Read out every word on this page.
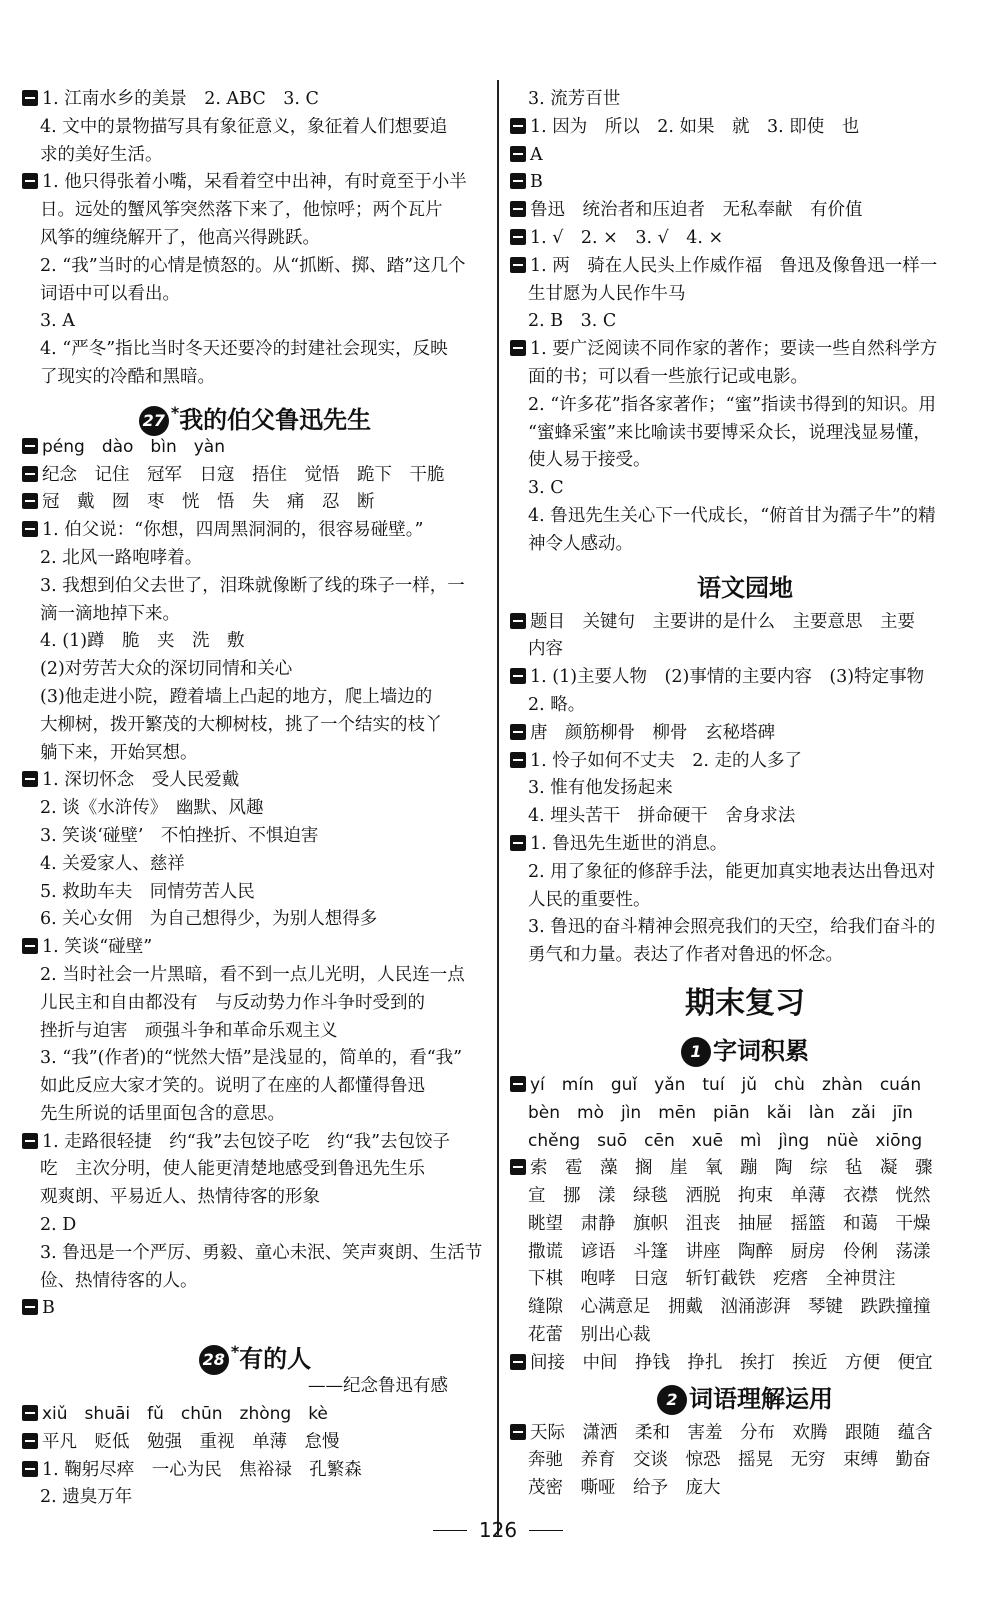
1. 江南水乡的美景　2. ABC　3. C
4. 文中的景物描写具有象征意义，象征着人们想要追
求的美好生活。
1. 他只得张着小嘴，呆看着空中出神，有时竟至于小半
日。远处的蟹风筝突然落下来了，他惊呼；两个瓦片
风筝的缠绕解开了，他高兴得跳跃。
2. “我”当时的心情是愤怒的。从“抓断、掷、踏”这几个
词语中可以看出。
3. A
4. “严冬”指比当时冬天还要冷的封建社会现实，反映
了现实的冷酷和黑暗。
27 *我的伯父鲁迅先生
péng　dào　bìn　yàn
纪念　记住　冠军　日寇　捂住　觉悟　跪下　干脆
冠　戴　囫　枣　恍　悟　失　痛　忍　断
1. 伯父说：“你想，四周黑洞洞的，很容易碰壁。”
2. 北风一路咆哮着。
3. 我想到伯父去世了，泪珠就像断了线的珠子一样，一
滴一滴地掉下来。
4. (1)蹲　脆　夹　洗　敷
(2)对劳苦大众的深切同情和关心
(3)他走进小院，蹬着墙上凸起的地方，爬上墙边的
大柳树，拨开繁茂的大柳树枝，挑了一个结实的枝丫
躺下来，开始冥想。
1. 深切怀念　受人民爱戴
2. 谈《水浒传》　幽默、风趣
3. 笑谈‘碰壁’　不怕挫折、不惧迫害
4. 关爱家人、慈祥
5. 救助车夫　同情劳苦人民
6. 关心女佣　为自己想得少，为别人想得多
1. 笑谈“碰壁”
2. 当时社会一片黑暗，看不到一点儿光明，人民连一点
儿民主和自由都没有　与反动势力作斗争时受到的
挫折与迫害　顽强斗争和革命乐观主义
3. “我”(作者)的“恍然大悟”是浅显的，简单的，看“我”
如此反应大家才笑的。说明了在座的人都懂得鲁迅
先生所说的话里面包含的意思。
1. 走路很轻捷　约“我”去包饺子吃　约“我”去包饺子
吃　主次分明，使人能更清楚地感受到鲁迅先生乐
观爽朗、平易近人、热情待客的形象
2. D
3. 鲁迅是一个严厉、勇毅、童心未泯、笑声爽朗、生活节
俭、热情待客的人。
B
28 *有的人
——纪念鲁迅有感
xiǔ　shuāi　fǔ　chūn　zhòng　kè
平凡　贬低　勉强　重视　单薄　怠慢
1. 鞠躬尽瘁　一心为民　焦裕禄　孔繁森
2. 遗臭万年
3. 流芳百世
1. 因为　所以　2. 如果　就　3. 即使　也
A
B
鲁迅　统治者和压迫者　无私奉献　有价值
1. √　2. ×　3. √　4. ×
1. 两　骑在人民头上作威作福　鲁迅及像鲁迅一样一
生甘愿为人民作牛马
2. B　3. C
1. 要广泛阅读不同作家的著作；要读一些自然科学方
面的书；可以看一些旅行记或电影。
2. “许多花”指各家著作；“蜜”指读书得到的知识。用
“蜜蜂采蜜”来比喻读书要博采众长，说理浅显易懂，
使人易于接受。
3. C
4. 鲁迅先生关心下一代成长，“俯首甘为孺子牛”的精
神令人感动。
语文园地
题目　关键句　主要讲的是什么　主要意思　主要
内容
1. (1)主要人物　(2)事情的主要内容　(3)特定事物
2. 略。
唐　颜筋柳骨　柳骨　玄秘塔碑
1. 怜子如何不丈夫　2. 走的人多了
3. 惟有他发扬起来
4. 埋头苦干　拼命硬干　舍身求法
1. 鲁迅先生逝世的消息。
2. 用了象征的修辞手法，能更加真实地表达出鲁迅对
人民的重要性。
3. 鲁迅的奋斗精神会照亮我们的天空，给我们奋斗的
勇气和力量。表达了作者对鲁迅的怀念。
期末复习
1 字词积累
yí　mín　guǐ　yǎn　tuí　jǔ　chù　zhàn　cuán
bèn　mò　jìn　mēn　piān　kǎi　làn　zǎi　jīn
chěng　suō　cēn　xuē　mì　jìng　nüè　xiōng
索　雹　藻　搁　崖　氧　蹦　陶　综　毡　凝　骤
宣　挪　漾　绿毯　洒脱　拘束　单薄　衣襟　恍然
眺望　肃静　旗帜　沮丧　抽屉　摇篮　和蔼　干燥
撒谎　谚语　斗篷　讲座　陶醉　厨房　伶俐　荡漾
下棋　咆哮　日寇　斩钉截铁　疙瘩　全神贯注
缝隙　心满意足　拥戴　汹涌澎湃　琴键　跌跌撞撞
花蕾　别出心裁
间接　中间　挣钱　挣扎　挨打　挨近　方便　便宜
2 词语理解运用
天际　潇洒　柔和　害羞　分布　欢腾　跟随　蕴含
奔驰　养育　交谈　惊恐　摇晃　无穷　束缚　勤奋
茂密　嘶哑　给予　庞大
126
